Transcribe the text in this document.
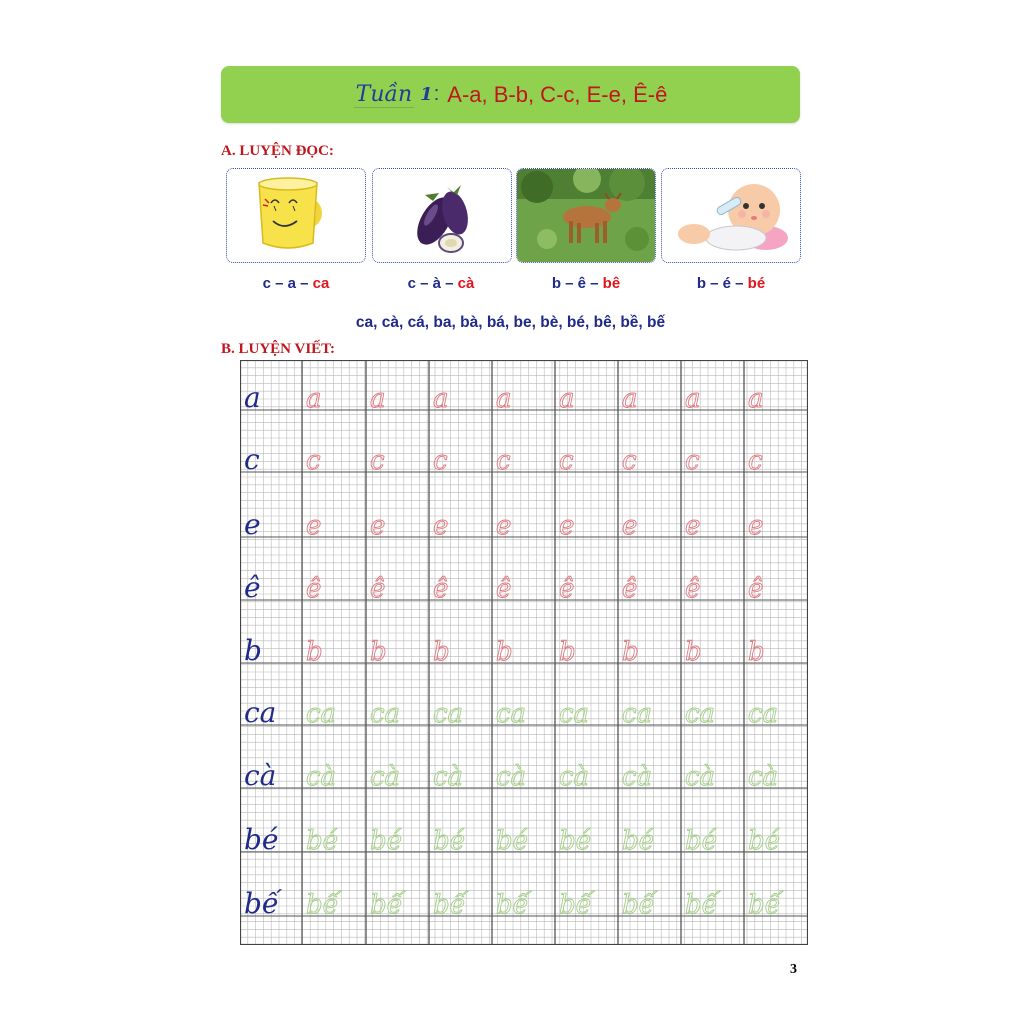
Tuần 1 : A-a, B-b, C-c, E-e, Ê-ê
A. LUYỆN ĐỌC:
c – a – ca	c – à – cà	b – ê – bê	b – é – bé
ca, cà, cá, ba, bà, bá, be, bè, bé, bê, bề, bế
B. LUYỆN VIẾT:
a a a a a a a a a
c c c c c c c c c
e e e e e e e e e
ê ê ê ê ê ê ê ê ê
b b b b b b b b b
ca ca ca ca ca ca ca ca ca
cà cà cà cà cà cà cà cà cà
bé bé bé bé bé bé bé bé bé
bế bế bế bế bế bế bế bế bế
3
